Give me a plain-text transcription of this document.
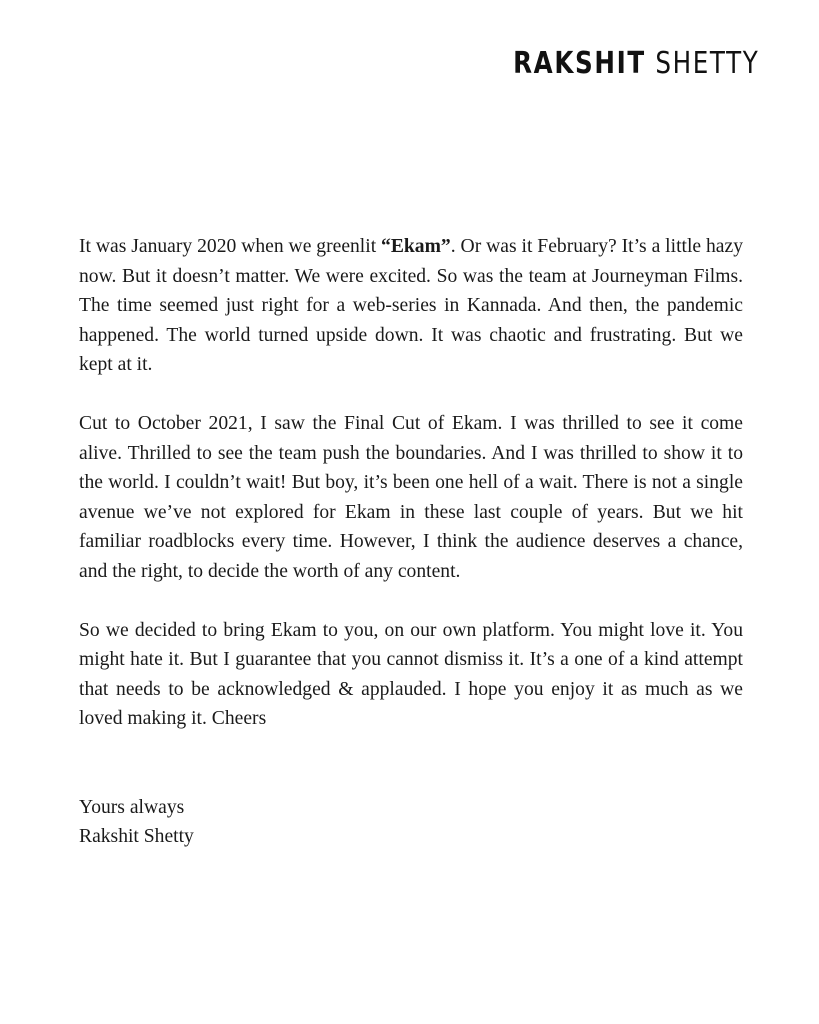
RAKSHIT SHETTY

It was January 2020 when we greenlit “Ekam”. Or was it February? It’s a little hazy now. But it doesn’t matter. We were excited. So was the team at Journeyman Films. The time seemed just right for a web-series in Kannada. And then, the pandemic happened. The world turned upside down. It was chaotic and frustrating. But we kept at it.

Cut to October 2021, I saw the Final Cut of Ekam. I was thrilled to see it come alive. Thrilled to see the team push the boundaries. And I was thrilled to show it to the world. I couldn’t wait! But boy, it’s been one hell of a wait. There is not a single avenue we’ve not explored for Ekam in these last couple of years. But we hit familiar roadblocks every time. However, I think the audience deserves a chance, and the right, to decide the worth of any content.

So we decided to bring Ekam to you, on our own platform. You might love it. You might hate it. But I guarantee that you cannot dismiss it. It’s a one of a kind attempt that needs to be acknowledged & applauded. I hope you enjoy it as much as we loved making it. Cheers

Yours always
Rakshit Shetty
